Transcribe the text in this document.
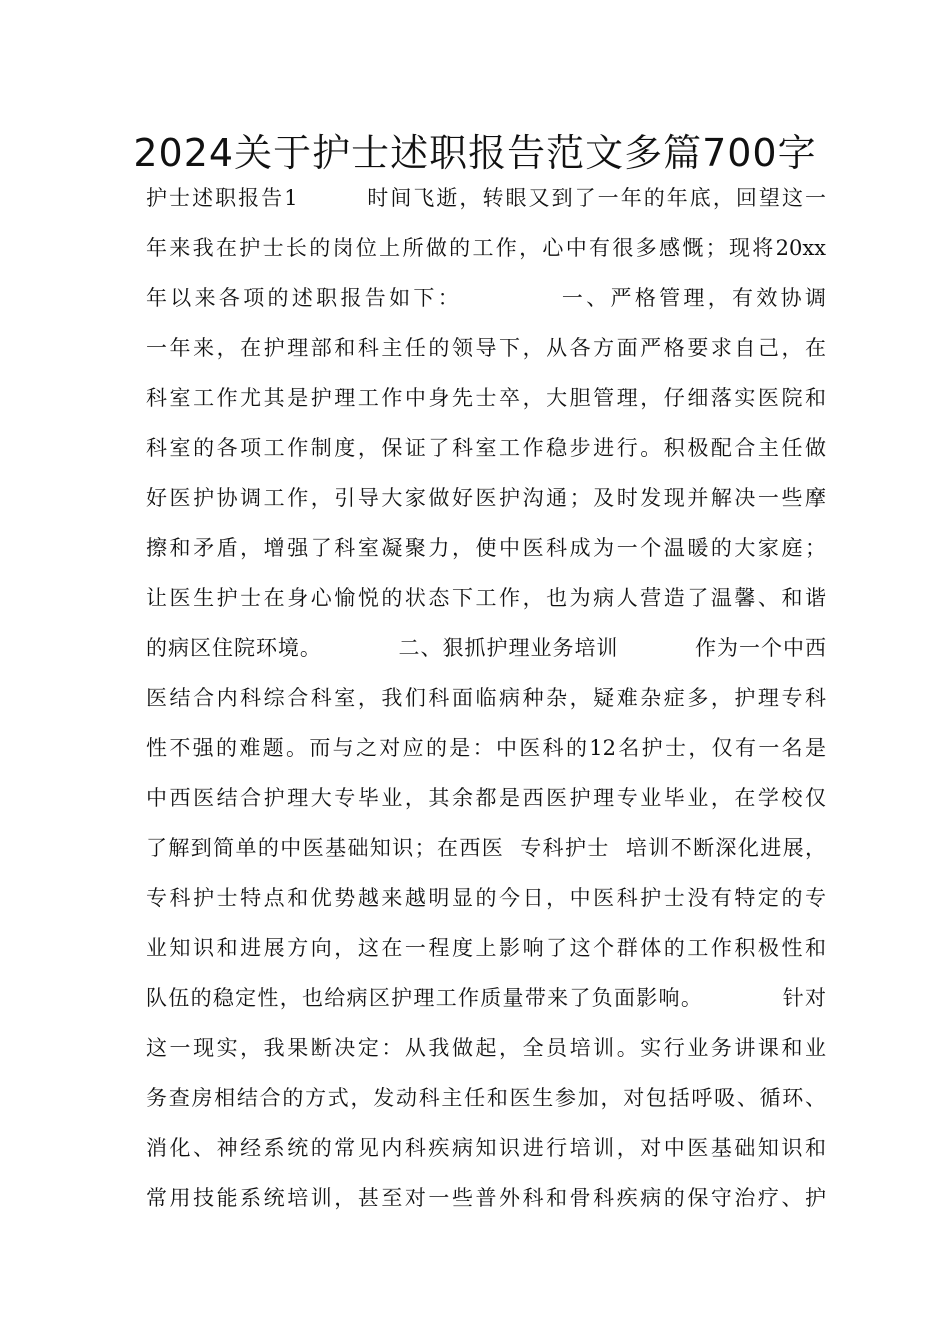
2024关于护士述职报告范文多篇700字
护士述职报告1        时间飞逝，转眼又到了一年的年底，回望这一
年来我在护士长的岗位上所做的工作，心中有很多感慨；现将20xx
年以来各项的述职报告如下：          一、严格管理，有效协调
一年来，在护理部和科主任的领导下，从各方面严格要求自己，在
科室工作尤其是护理工作中身先士卒，大胆管理，仔细落实医院和
科室的各项工作制度，保证了科室工作稳步进行。积极配合主任做
好医护协调工作，引导大家做好医护沟通；及时发现并解决一些摩
擦和矛盾，增强了科室凝聚力，使中医科成为一个温暖的大家庭；
让医生护士在身心愉悦的状态下工作，也为病人营造了温馨、和谐
的病区住院环境。          二、狠抓护理业务培训          作为一个中西
医结合内科综合科室，我们科面临病种杂，疑难杂症多，护理专科
性不强的难题。而与之对应的是：中医科的12名护士，仅有一名是
中西医结合护理大专毕业，其余都是西医护理专业毕业，在学校仅
了解到简单的中医基础知识；在西医  专科护士  培训不断深化进展，
专科护士特点和优势越来越明显的今日，中医科护士没有特定的专
业知识和进展方向，这在一程度上影响了这个群体的工作积极性和
队伍的稳定性，也给病区护理工作质量带来了负面影响。          针对
这一现实，我果断决定：从我做起，全员培训。实行业务讲课和业
务查房相结合的方式，发动科主任和医生参加，对包括呼吸、循环、
消化、神经系统的常见内科疾病知识进行培训，对中医基础知识和
常用技能系统培训，甚至对一些普外科和骨科疾病的保守治疗、护
